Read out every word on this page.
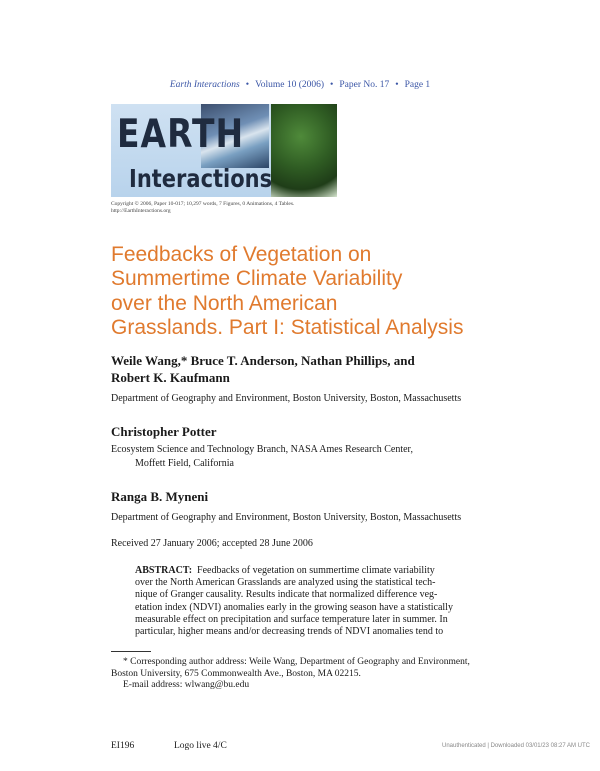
Earth Interactions • Volume 10 (2006) • Paper No. 17 • Page 1
EARTH
Interactions
Copyright © 2006, Paper 10-017; 10,297 words, 7 Figures, 0 Animations, 4 Tables.
http://EarthInteractions.org
Feedbacks of Vegetation on
Summertime Climate Variability
over the North American
Grasslands. Part I: Statistical Analysis
Weile Wang,* Bruce T. Anderson, Nathan Phillips, and
Robert K. Kaufmann
Department of Geography and Environment, Boston University, Boston, Massachusetts
Christopher Potter
Ecosystem Science and Technology Branch, NASA Ames Research Center,
Moffett Field, California
Ranga B. Myneni
Department of Geography and Environment, Boston University, Boston, Massachusetts
Received 27 January 2006; accepted 28 June 2006
ABSTRACT: Feedbacks of vegetation on summertime climate variability
over the North American Grasslands are analyzed using the statistical tech-
nique of Granger causality. Results indicate that normalized difference veg-
etation index (NDVI) anomalies early in the growing season have a statistically
measurable effect on precipitation and surface temperature later in summer. In
particular, higher means and/or decreasing trends of NDVI anomalies tend to
* Corresponding author address: Weile Wang, Department of Geography and Environment,
Boston University, 675 Commonwealth Ave., Boston, MA 02215.
E-mail address: wlwang@bu.edu
EI196	Logo live 4/C	Unauthenticated | Downloaded 03/01/23 08:27 AM UTC
